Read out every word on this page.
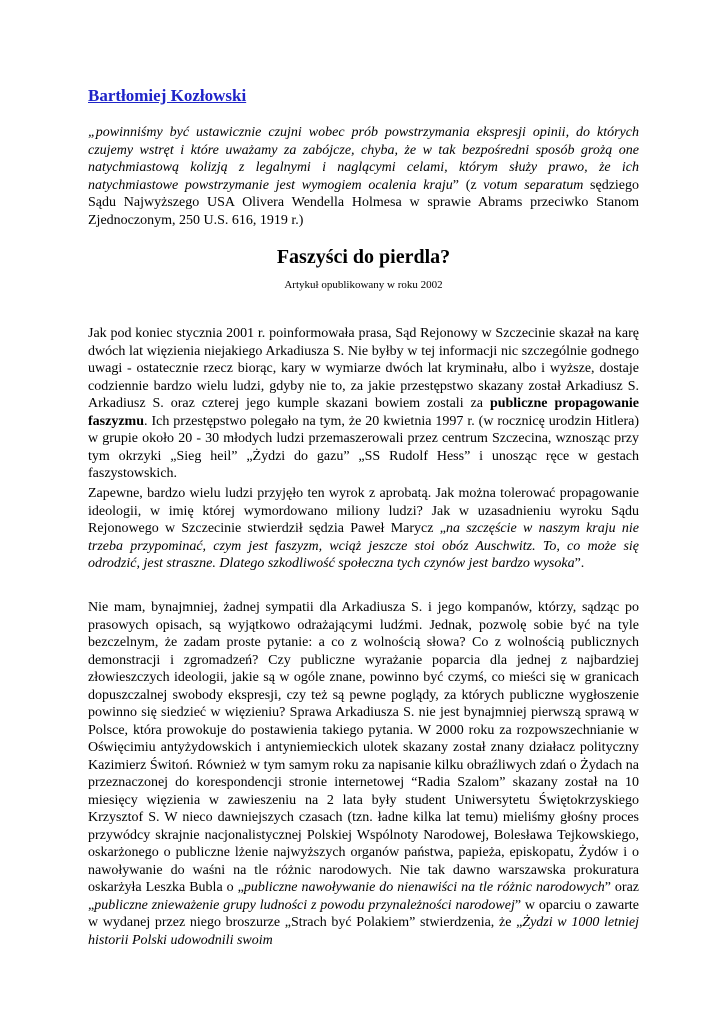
Bartłomiej Kozłowski

„powinniśmy być ustawicznie czujni wobec prób powstrzymania ekspresji opinii, do których czujemy wstręt i które uważamy za zabójcze, chyba, że w tak bezpośredni sposób grożą one natychmiastową kolizją z legalnymi i naglącymi celami, którym służy prawo, że ich natychmiastowe powstrzymanie jest wymogiem ocalenia kraju” (z votum separatum sędziego Sądu Najwyższego USA Olivera Wendella Holmesa w sprawie Abrams przeciwko Stanom Zjednoczonym, 250 U.S. 616, 1919 r.)

Faszyści do pierdla?
Artykuł opublikowany w roku 2002

Jak pod koniec stycznia 2001 r. poinformowała prasa, Sąd Rejonowy w Szczecinie skazał na karę dwóch lat więzienia niejakiego Arkadiusza S. Nie byłby w tej informacji nic szczególnie godnego uwagi - ostatecznie rzecz biorąc, kary w wymiarze dwóch lat kryminału, albo i wyższe, dostaje codziennie bardzo wielu ludzi, gdyby nie to, za jakie przestępstwo skazany został Arkadiusz S. Arkadiusz S. oraz czterej jego kumple skazani bowiem zostali za publiczne propagowanie faszyzmu. Ich przestępstwo polegało na tym, że 20 kwietnia 1997 r. (w rocznicę urodzin Hitlera) w grupie około 20 - 30 młodych ludzi przemaszerowali przez centrum Szczecina, wznosząc przy tym okrzyki „Sieg heil” „Żydzi do gazu” „SS Rudolf Hess” i unosząc ręce w gestach faszystowskich.

Zapewne, bardzo wielu ludzi przyjęło ten wyrok z aprobatą. Jak można tolerować propagowanie ideologii, w imię której wymordowano miliony ludzi? Jak w uzasadnieniu wyroku Sądu Rejonowego w Szczecinie stwierdził sędzia Paweł Marycz „na szczęście w naszym kraju nie trzeba przypominać, czym jest faszyzm, wciąż jeszcze stoi obóz Auschwitz. To, co może się odrodzić, jest straszne. Dlatego szkodliwość społeczna tych czynów jest bardzo wysoka”.

Nie mam, bynajmniej, żadnej sympatii dla Arkadiusza S. i jego kompanów, którzy, sądząc po prasowych opisach, są wyjątkowo odrażającymi ludźmi. Jednak, pozwolę sobie być na tyle bezczelnym, że zadam proste pytanie: a co z wolnością słowa? Co z wolnością publicznych demonstracji i zgromadzeń? Czy publiczne wyrażanie poparcia dla jednej z najbardziej złowieszczych ideologii, jakie są w ogóle znane, powinno być czymś, co mieści się w granicach dopuszczalnej swobody ekspresji, czy też są pewne poglądy, za których publiczne wygłoszenie powinno się siedzieć w więzieniu? Sprawa Arkadiusza S. nie jest bynajmniej pierwszą sprawą w Polsce, która prowokuje do postawienia takiego pytania. W 2000 roku za rozpowszechnianie w Oświęcimiu antyżydowskich i antyniemieckich ulotek skazany został znany działacz polityczny Kazimierz Świtoń. Również w tym samym roku za napisanie kilku obraźliwych zdań o Żydach na przeznaczonej do korespondencji stronie internetowej “Radia Szalom” skazany został na 10 miesięcy więzienia w zawieszeniu na 2 lata były student Uniwersytetu Świętokrzyskiego Krzysztof S. W nieco dawniejszych czasach (tzn. ładne kilka lat temu) mieliśmy głośny proces przywódcy skrajnie nacjonalistycznej Polskiej Wspólnoty Narodowej, Bolesława Tejkowskiego, oskarżonego o publiczne lżenie najwyższych organów państwa, papieża, episkopatu, Żydów i o nawoływanie do waśni na tle różnic narodowych. Nie tak dawno warszawska prokuratura oskarżyła Leszka Bubla o „publiczne nawoływanie do nienawiści na tle różnic narodowych” oraz „publiczne znieważenie grupy ludności z powodu przynależności narodowej” w oparciu o zawarte w wydanej przez niego broszurze „Strach być Polakiem” stwierdzenia, że „Żydzi w 1000 letniej historii Polski udowodnili swoim
